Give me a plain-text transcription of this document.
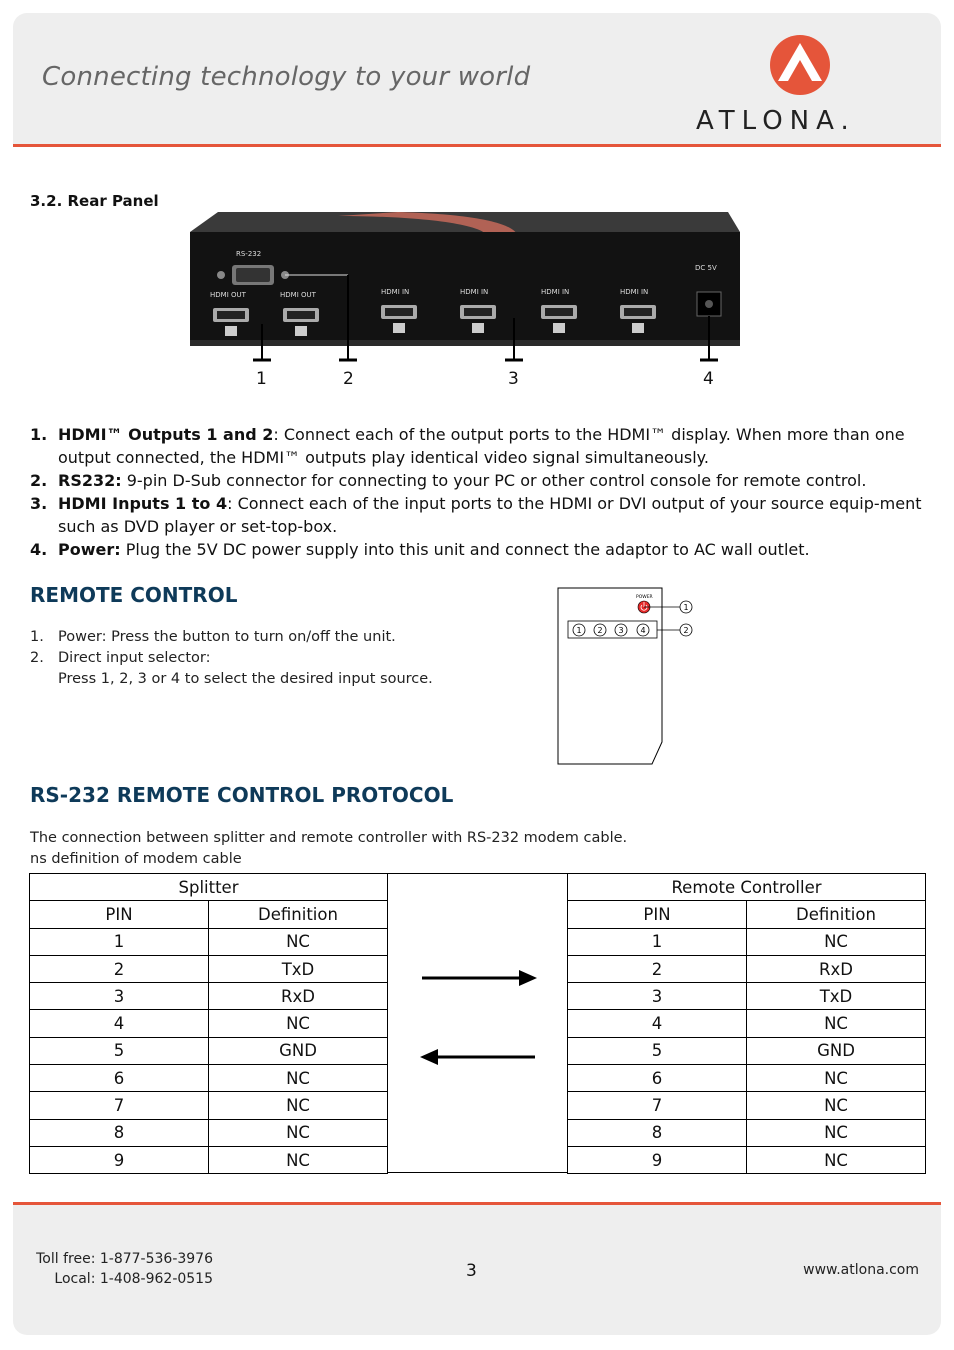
Connecting technology to your world
ATLONA.
3.2. Rear Panel
RS-232
HDMI OUT	HDMI OUT	HDMI IN	HDMI IN	HDMI IN	HDMI IN
DC 5V
1	2	3	4
1. HDMI™ Outputs 1 and 2: Connect each of the output ports to the HDMI™ display. When more than one output connected, the HDMI™ outputs play identical video signal simultaneously.
2. RS232: 9-pin D-Sub connector for connecting to your PC or other control console for remote control.
3. HDMI Inputs 1 to 4: Connect each of the input ports to the HDMI or DVI output of your source equip-ment such as DVD player or set-top-box.
4. Power: Plug the 5V DC power supply into this unit and connect the adaptor to AC wall outlet.
REMOTE CONTROL
1. Power: Press the button to turn on/off the unit.
2. Direct input selector:
Press 1, 2, 3 or 4 to select the desired input source.
POWER
1 2 3 4
1
2
RS-232 REMOTE CONTROL PROTOCOL
The connection between splitter and remote controller with RS-232 modem cable.
ns definition of modem cable
Splitter	
PIN	Definition
1	NC
2	TxD
3	RxD
4	NC
5	GND
6	NC
7	NC
8	NC
9	NC
Remote Controller	
PIN	Definition
1	NC
2	RxD
3	TxD
4	NC
5	GND
6	NC
7	NC
8	NC
9	NC
Toll free: 1-877-536-3976
Local: 1-408-962-0515	3	www.atlona.com
